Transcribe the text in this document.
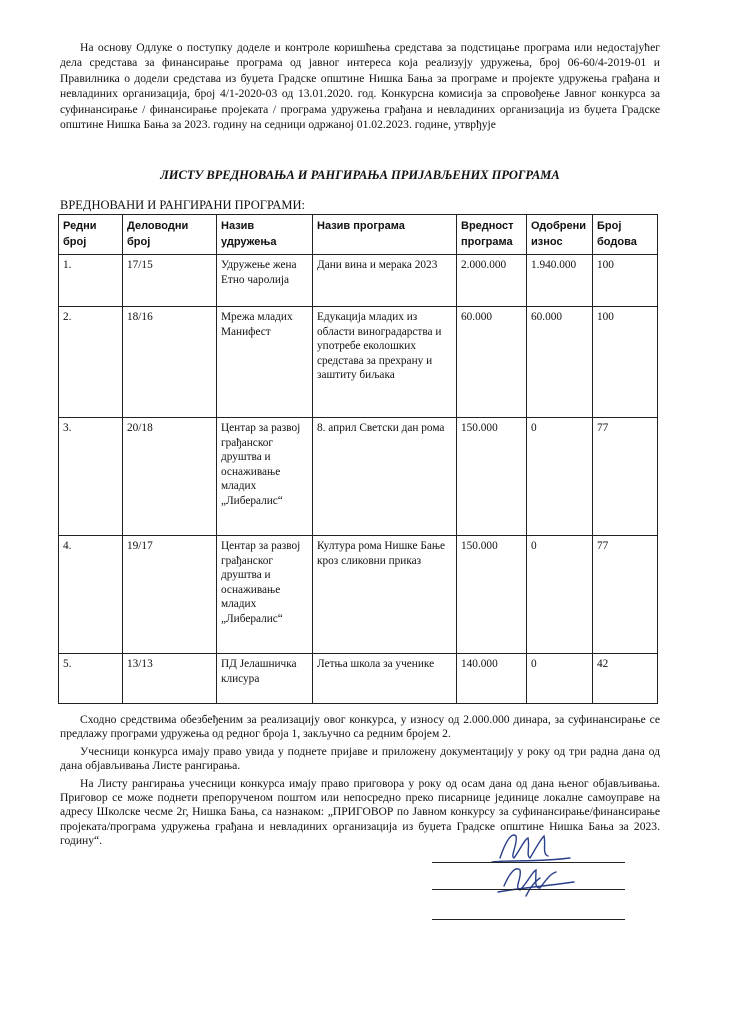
На основу Одлуке о поступку доделе и контроле коришћења средстава за подстицање програма или недостајућег дела средстава за финансирање програма од јавног интереса која реализују удружења, број 06-60/4-2019-01 и Правилника о додели средстава из буџета Градске општине Нишка Бања за програме и пројекте удружења грађана и невладиних организација, број 4/1-2020-03 од 13.01.2020. год. Конкурсна комисија за спровођење Јавног конкурса за суфинансирање / финансирање пројеката / програма удружења грађана и невладиних организација из буџета Градске општине Нишка Бања за 2023. годину на седници одржаној 01.02.2023. године, утврђује

ЛИСТУ ВРЕДНОВАЊА И РАНГИРАЊА ПРИЈАВЉЕНИХ ПРОГРАМА

ВРЕДНОВАНИ И РАНГИРАНИ ПРОГРАМИ:

Редни број	Деловодни број	Назив удружења	Назив програма	Вредност програма	Одобрени износ	Број бодова
1.	17/15	Удружење жена Етно чаролија	Дани вина и мерака 2023	2.000.000	1.940.000	100
2.	18/16	Мрежа младих Манифест	Едукација младих из области виноградарства и употребе еколошких средстава за прехрану и заштиту биљака	60.000	60.000	100
3.	20/18	Центар за развој грађанског друштва и оснаживање младих „Либералис“	8. април Светски дан рома	150.000	0	77
4.	19/17	Центар за развој грађанског друштва и оснаживање младих „Либералис“	Култура рома Нишке Бање кроз сликовни приказ	150.000	0	77
5.	13/13	ПД Јелашничка клисура	Летња школа за ученике	140.000	0	42

Сходно средствима обезбеђеним за реализацију овог конкурса, у износу од 2.000.000 динара, за суфинансирање се предлажу програми удружења од редног броја 1, закључно са редним бројем 2.

Учесници конкурса имају право увида у поднете пријаве и приложену документацију у року од три радна дана од дана објављивања Листе рангирања.

На Листу рангирања учесници конкурса имају право приговора у року од осам дана од дана њеног објављивања. Приговор се може поднети препорученом поштом или непосредно преко писарнице јединице локалне самоуправе на адресу Школске чесме 2г, Нишка Бања, са назнаком: „ПРИГОВОР по Јавном конкурсу за суфинансирање/финансирање пројеката/програма удружења грађана и невладиних организација из буџета Градске општине Нишка Бања за 2023. годину“.
